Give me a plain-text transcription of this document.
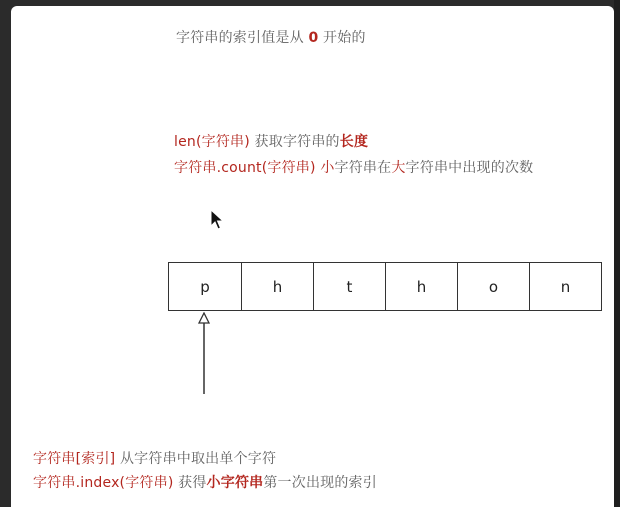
字符串的索引值是从 0 开始的
len(字符串) 获取字符串的长度
字符串.count(字符串) 小字符串在大字符串中出现的次数
p	h	t	h	o	n
字符串[索引] 从字符串中取出单个字符
字符串.index(字符串) 获得小字符串第一次出现的索引
